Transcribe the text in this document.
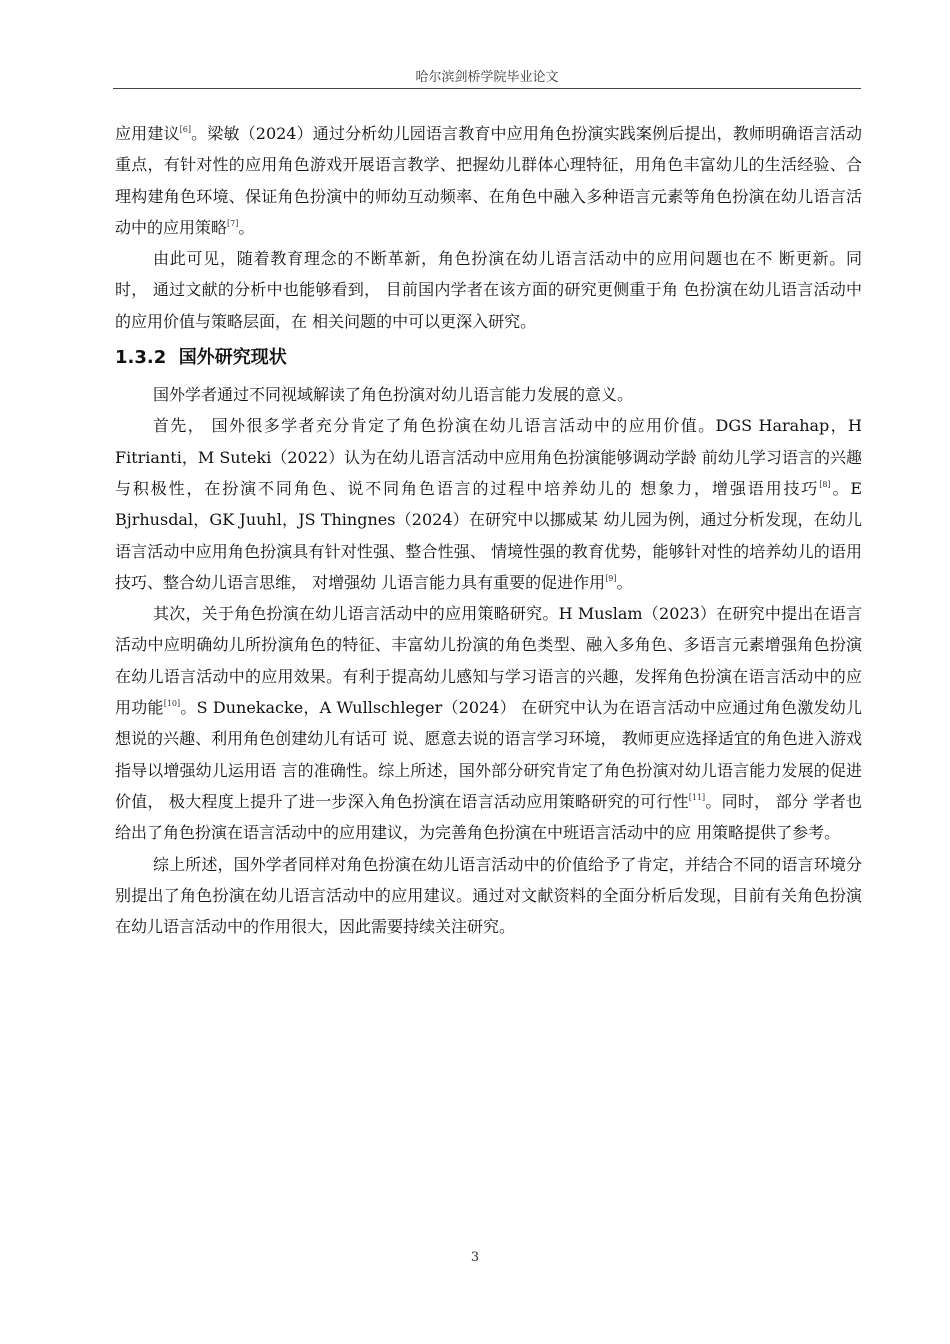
哈尔滨剑桥学院毕业论文

应用建议[6]。梁敏（2024）通过分析幼儿园语言教育中应用角色扮演实践案例后提出，教师明确语言活动重点，有针对性的应用角色游戏开展语言教学、把握幼儿群体心理特征，用角色丰富幼儿的生活经验、合理构建角色环境、保证角色扮演中的师幼互动频率、在角色中融入多种语言元素等角色扮演在幼儿语言活动中的应用策略[7]。

由此可见，随着教育理念的不断革新，角色扮演在幼儿语言活动中的应用问题也在不 断更新。同时， 通过文献的分析中也能够看到， 目前国内学者在该方面的研究更侧重于角 色扮演在幼儿语言活动中的应用价值与策略层面，在 相关问题的中可以更深入研究。

1.3.2 国外研究现状

国外学者通过不同视域解读了角色扮演对幼儿语言能力发展的意义。

首先， 国外很多学者充分肯定了角色扮演在幼儿语言活动中的应用价值。DGS Harahap，H Fitrianti，M Suteki（2022）认为在幼儿语言活动中应用角色扮演能够调动学龄 前幼儿学习语言的兴趣与积极性，在扮演不同角色、说不同角色语言的过程中培养幼儿的 想象力，增强语用技巧[8]。E Bjrhusdal，GK Juuhl，JS Thingnes（2024）在研究中以挪威某 幼儿园为例，通过分析发现，在幼儿语言活动中应用角色扮演具有针对性强、整合性强、 情境性强的教育优势，能够针对性的培养幼儿的语用技巧、整合幼儿语言思维， 对增强幼 儿语言能力具有重要的促进作用[9]。

其次，关于角色扮演在幼儿语言活动中的应用策略研究。H Muslam（2023）在研究中提出在语言活动中应明确幼儿所扮演角色的特征、丰富幼儿扮演的角色类型、融入多角色、多语言元素增强角色扮演在幼儿语言活动中的应用效果。有利于提高幼儿感知与学习语言的兴趣，发挥角色扮演在语言活动中的应用功能[10]。S Dunekacke，A Wullschleger（2024） 在研究中认为在语言活动中应通过角色激发幼儿想说的兴趣、利用角色创建幼儿有话可 说、愿意去说的语言学习环境， 教师更应选择适宜的角色进入游戏指导以增强幼儿运用语 言的准确性。综上所述，国外部分研究肯定了角色扮演对幼儿语言能力发展的促进价值， 极大程度上提升了进一步深入角色扮演在语言活动应用策略研究的可行性[11]。同时， 部分 学者也给出了角色扮演在语言活动中的应用建议，为完善角色扮演在中班语言活动中的应 用策略提供了参考。

综上所述，国外学者同样对角色扮演在幼儿语言活动中的价值给予了肯定，并结合不同的语言环境分别提出了角色扮演在幼儿语言活动中的应用建议。通过对文献资料的全面分析后发现，目前有关角色扮演在幼儿语言活动中的作用很大，因此需要持续关注研究。

3
